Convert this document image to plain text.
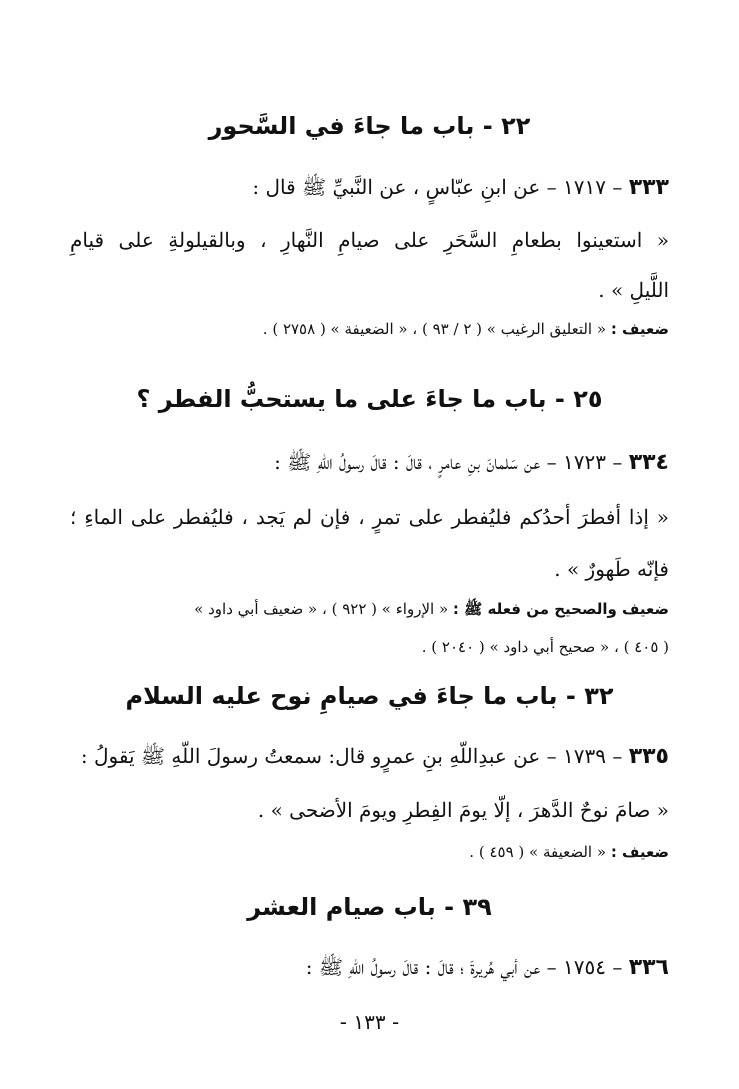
٢٢ - باب ما جاءَ في السَّحور
٣٣٣ – ١٧١٧ – عن ابنِ عبّاسٍ ، عن النَّبيِّ ﷺ قال :
« استعينوا بطعامِ السَّحَرِ على صيامِ النَّهارِ ، وبالقيلولةِ على قيامِ
اللَّيلِ » .
ضعيف : « التعليق الرغيب » ( ٢ / ٩٣ ) ، « الضعيفة » ( ٢٧٥٨ ) .
٢٥ - باب ما جاءَ على ما يستحبُّ الفطر ؟
٣٣٤ – ١٧٢٣ – عن سَلمانَ بنِ عامرٍ ، قالَ : قالَ رسولُ اللّهِ ﷺ :
« إذا أفطرَ أحدُكم فليُفطر على تمرٍ ، فإن لم يَجد ، فليُفطر على الماءِ ؛
فإنّه طَهورٌ » .
ضعيف والصحيح من فعله ﷺ : « الإرواء » ( ٩٢٢ ) ، « ضعيف أبي داود »
( ٤٠٥ ) ، « صحيح أبي داود » ( ٢٠٤٠ ) .
٣٢ - باب ما جاءَ في صيامِ نوح عليه السلام
٣٣٥ – ١٧٣٩ – عن عبدِاللّهِ بنِ عمرٍو قال: سمعتُ رسولَ اللّهِ ﷺ يَقولُ :
« صامَ نوحٌ الدَّهرَ ، إلّا يومَ الفِطرِ ويومَ الأضحى » .
ضعيف : « الضعيفة » ( ٤٥٩ ) .
٣٩ - باب صيام العشر
٣٣٦ – ١٧٥٤ – عن أبي هُريرةَ ؛ قالَ : قالَ رسولُ اللّهِ ﷺ :
- ١٣٣ -
